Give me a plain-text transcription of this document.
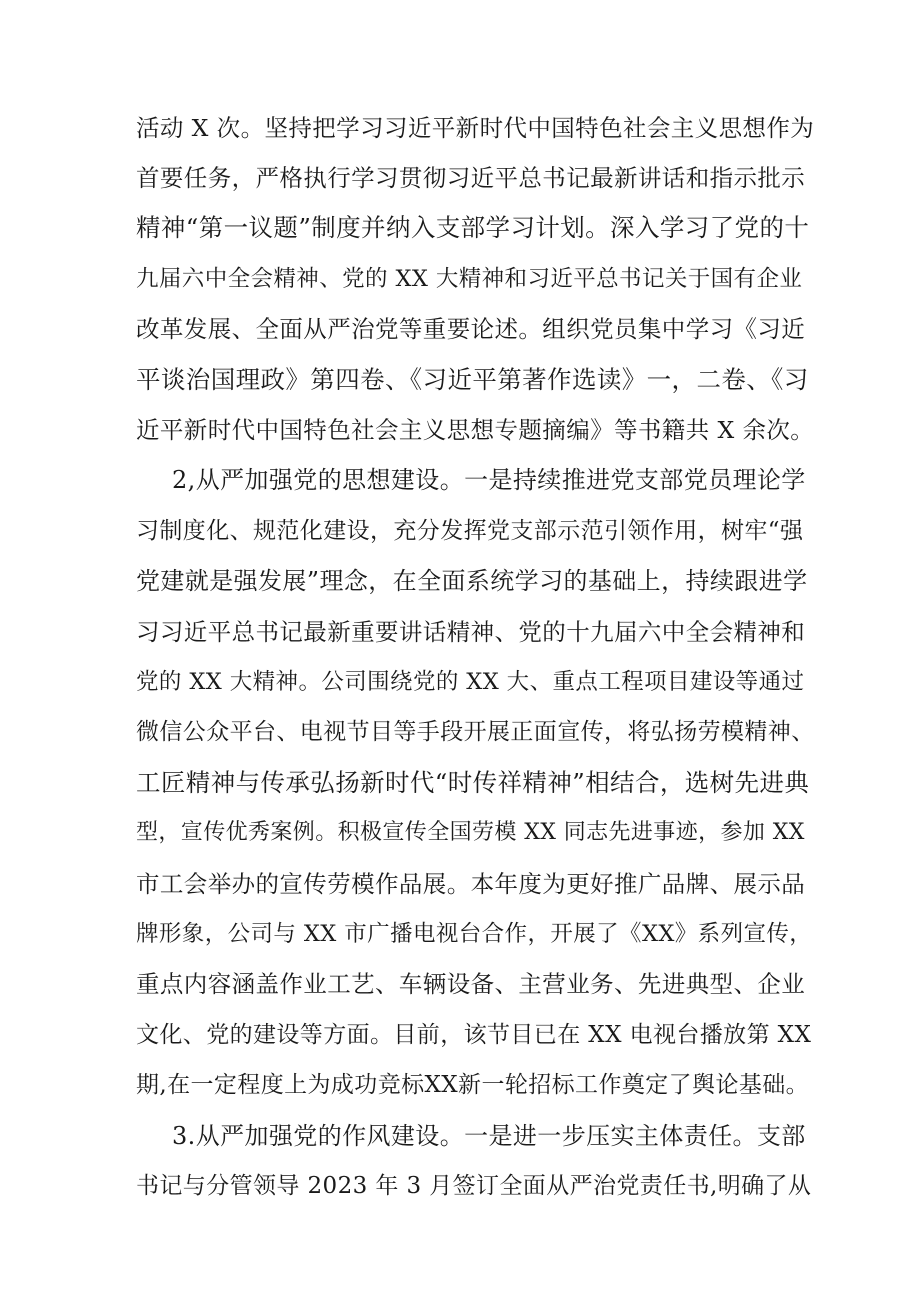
活动 X 次。坚持把学习习近平新时代中国特色社会主义思想作为
首要任务，严格执行学习贯彻习近平总书记最新讲话和指示批示
精神“第一议题”制度并纳入支部学习计划。深入学习了党的十
九届六中全会精神、党的 XX 大精神和习近平总书记关于国有企业
改革发展、全面从严治党等重要论述。组织党员集中学习《习近
平谈治国理政》第四卷、《习近平第著作选读》一，二卷、《习
近平新时代中国特色社会主义思想专题摘编》等书籍共 X 余次。
2,从严加强党的思想建设。一是持续推进党支部党员理论学
习制度化、规范化建设，充分发挥党支部示范引领作用，树牢“强
党建就是强发展”理念，在全面系统学习的基础上，持续跟进学
习习近平总书记最新重要讲话精神、党的十九届六中全会精神和
党的 XX 大精神。公司围绕党的 XX 大、重点工程项目建设等通过
微信公众平台、电视节目等手段开展正面宣传，将弘扬劳模精神、
工匠精神与传承弘扬新时代“时传祥精神”相结合，选树先进典
型，宣传优秀案例。积极宣传全国劳模 XX 同志先进事迹，参加 XX
市工会举办的宣传劳模作品展。本年度为更好推广品牌、展示品
牌形象，公司与 XX 市广播电视台合作，开展了《XX》系列宣传，
重点内容涵盖作业工艺、车辆设备、主营业务、先进典型、企业
文化、党的建设等方面。目前，该节目已在 XX 电视台播放第 XX
期,在一定程度上为成功竞标XX新一轮招标工作奠定了舆论基础。
3.从严加强党的作风建设。一是进一步压实主体责任。支部
书记与分管领导 2023 年 3 月签订全面从严治党责任书,明确了从
